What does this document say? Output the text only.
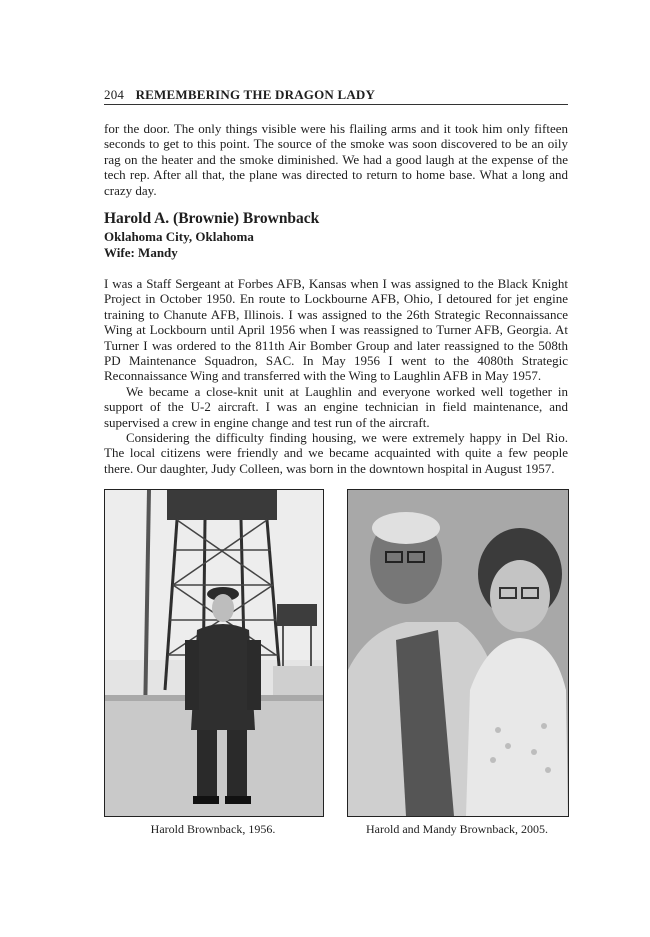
204 REMEMBERING THE DRAGON LADY

for the door. The only things visible were his flailing arms and it took him only fifteen seconds to get to this point. The source of the smoke was soon discovered to be an oily rag on the heater and the smoke diminished. We had a good laugh at the expense of the tech rep. After all that, the plane was directed to return to home base. What a long and crazy day.

Harold A. (Brownie) Brownback
Oklahoma City, Oklahoma
Wife: Mandy

I was a Staff Sergeant at Forbes AFB, Kansas when I was assigned to the Black Knight Project in October 1950. En route to Lockbourne AFB, Ohio, I detoured for jet engine training to Chanute AFB, Illinois. I was assigned to the 26th Strategic Reconnaissance Wing at Lockbourn until April 1956 when I was reassigned to Turner AFB, Georgia. At Turner I was ordered to the 811th Air Bomber Group and later reassigned to the 508th PD Maintenance Squadron, SAC. In May 1956 I went to the 4080th Strategic Reconnaissance Wing and transferred with the Wing to Laughlin AFB in May 1957.

We became a close-knit unit at Laughlin and everyone worked well together in support of the U-2 aircraft. I was an engine technician in field maintenance, and supervised a crew in engine change and test run of the aircraft.

Considering the difficulty finding housing, we were extremely happy in Del Rio. The local citizens were friendly and we became acquainted with quite a few people there. Our daughter, Judy Colleen, was born in the downtown hospital in August 1957.

Harold Brownback, 1956.	Harold and Mandy Brownback, 2005.
